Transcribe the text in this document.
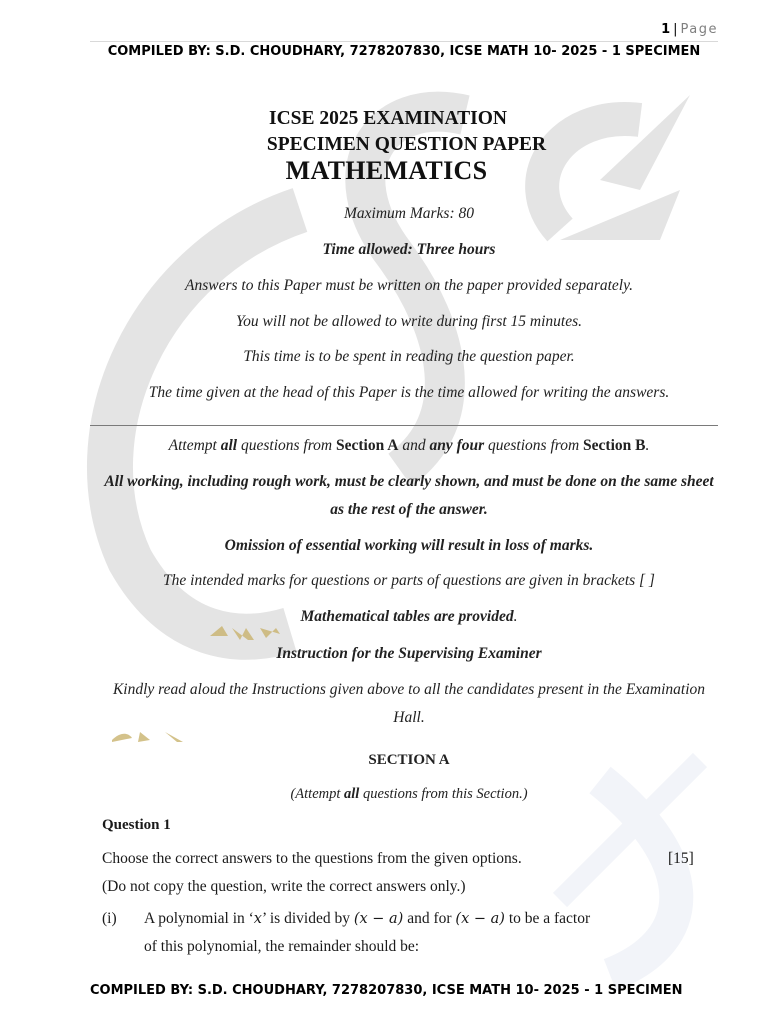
1 | Page
COMPILED BY: S.D. CHOUDHARY, 7278207830, ICSE MATH 10- 2025 - 1 SPECIMEN
ICSE 2025 EXAMINATION
SPECIMEN QUESTION PAPER
MATHEMATICS
Maximum Marks: 80
Time allowed: Three hours
Answers to this Paper must be written on the paper provided separately.
You will not be allowed to write during first 15 minutes.
This time is to be spent in reading the question paper.
The time given at the head of this Paper is the time allowed for writing the answers.
Attempt all questions from Section A and any four questions from Section B.
All working, including rough work, must be clearly shown, and must be done on the same sheet
as the rest of the answer.
Omission of essential working will result in loss of marks.
The intended marks for questions or parts of questions are given in brackets [ ]
Mathematical tables are provided.
Instruction for the Supervising Examiner
Kindly read aloud the Instructions given above to all the candidates present in the Examination
Hall.
SECTION A
(Attempt all questions from this Section.)
Question 1
Choose the correct answers to the questions from the given options.	[15]
(Do not copy the question, write the correct answers only.)
(i) A polynomial in ‘x’ is divided by (x − a) and for (x − a) to be a factor
of this polynomial, the remainder should be:
COMPILED BY: S.D. CHOUDHARY, 7278207830, ICSE MATH 10- 2025 - 1 SPECIMEN
